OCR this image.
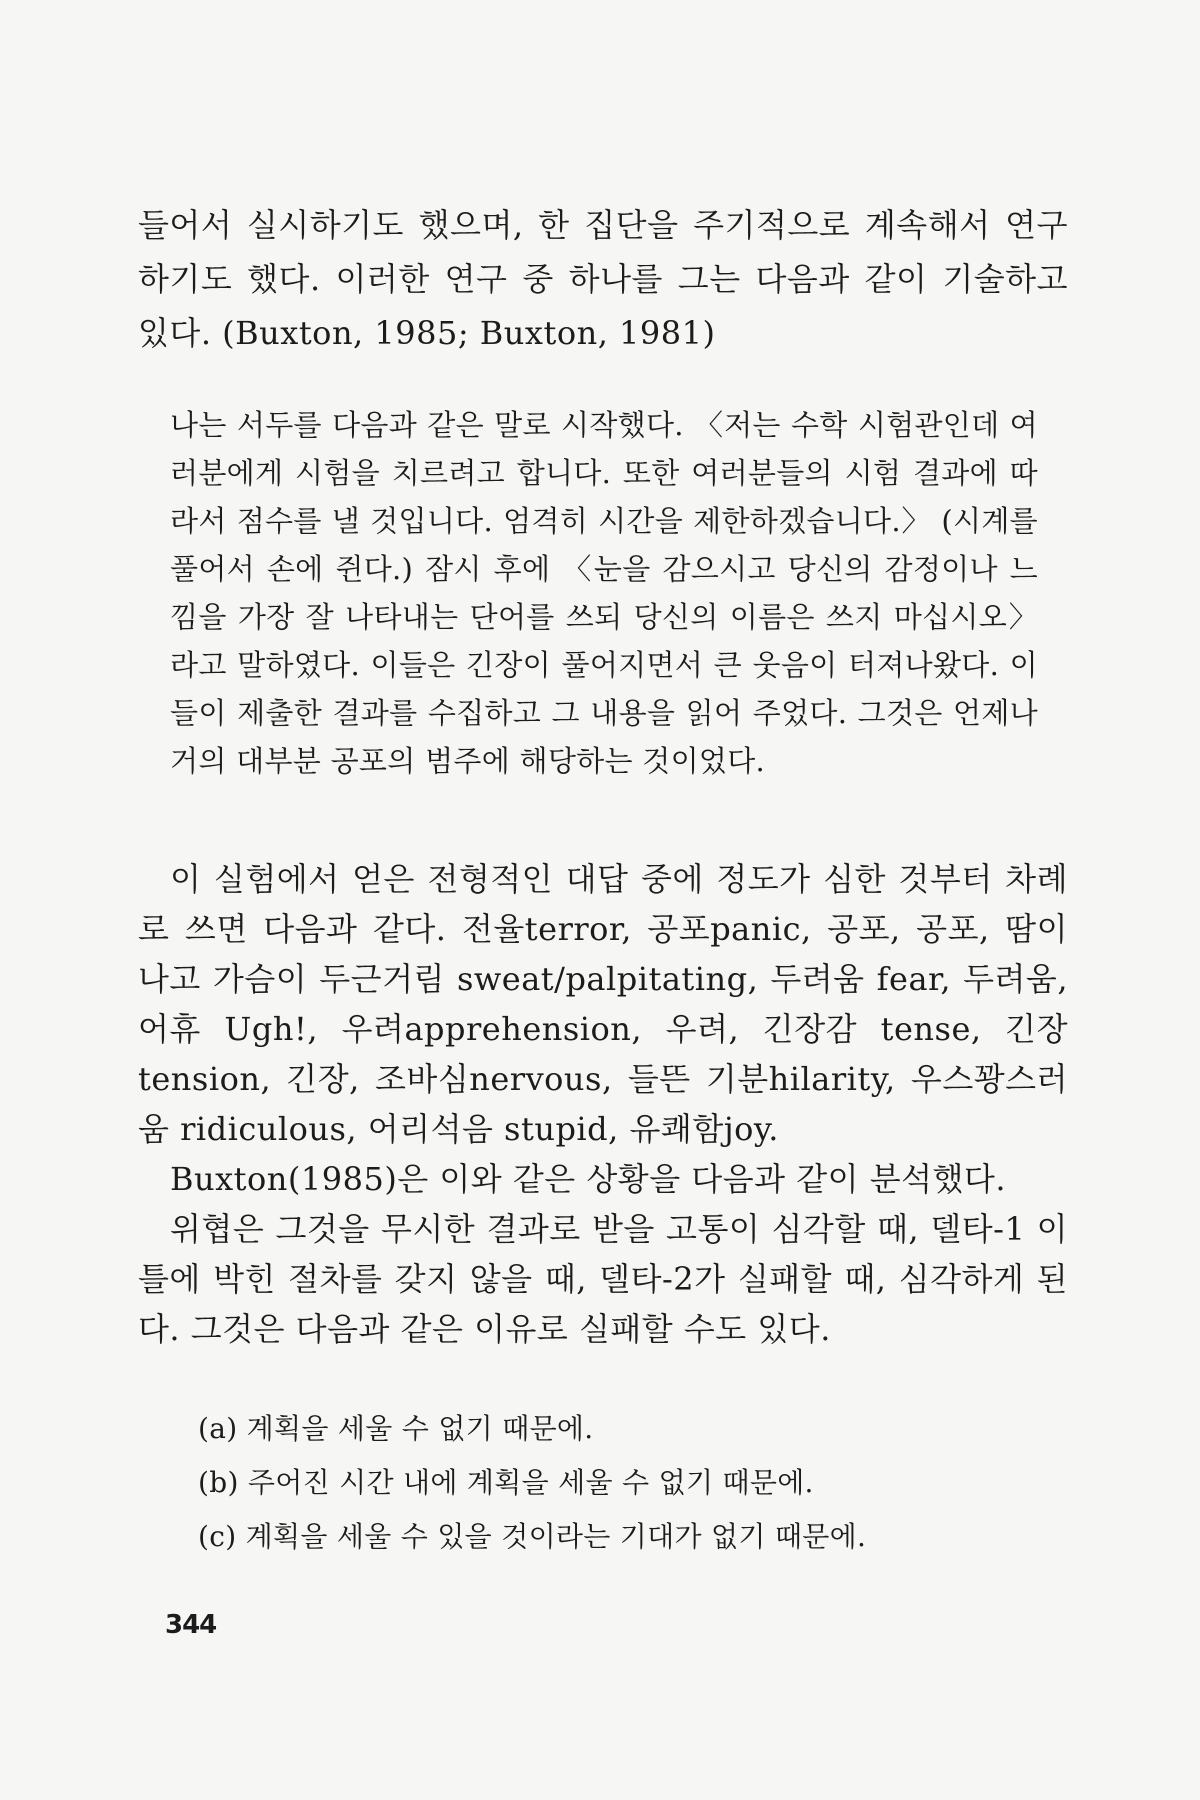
들어서 실시하기도 했으며, 한 집단을 주기적으로 계속해서 연구하기도 했다. 이러한 연구 중 하나를 그는 다음과 같이 기술하고 있다. (Buxton, 1985; Buxton, 1981)

나는 서두를 다음과 같은 말로 시작했다. 〈저는 수학 시험관인데 여러분에게 시험을 치르려고 합니다. 또한 여러분들의 시험 결과에 따라서 점수를 낼 것입니다. 엄격히 시간을 제한하겠습니다.〉 (시계를 풀어서 손에 쥔다.) 잠시 후에 〈눈을 감으시고 당신의 감정이나 느낌을 가장 잘 나타내는 단어를 쓰되 당신의 이름은 쓰지 마십시오〉라고 말하였다. 이들은 긴장이 풀어지면서 큰 웃음이 터져나왔다. 이들이 제출한 결과를 수집하고 그 내용을 읽어 주었다. 그것은 언제나 거의 대부분 공포의 범주에 해당하는 것이었다.

이 실험에서 얻은 전형적인 대답 중에 정도가 심한 것부터 차례로 쓰면 다음과 같다. 전율terror, 공포panic, 공포, 공포, 땀이 나고 가슴이 두근거림 sweat/palpitating, 두려움 fear, 두려움, 어휴 Ugh!, 우려apprehension, 우려, 긴장감 tense, 긴장 tension, 긴장, 조바심nervous, 들뜬 기분hilarity, 우스꽝스러움 ridiculous, 어리석음 stupid, 유쾌함joy.
Buxton(1985)은 이와 같은 상황을 다음과 같이 분석했다.
위협은 그것을 무시한 결과로 받을 고통이 심각할 때, 델타-1 이 틀에 박힌 절차를 갖지 않을 때, 델타-2가 실패할 때, 심각하게 된다. 그것은 다음과 같은 이유로 실패할 수도 있다.
(a) 계획을 세울 수 없기 때문에.
(b) 주어진 시간 내에 계획을 세울 수 없기 때문에.
(c) 계획을 세울 수 있을 것이라는 기대가 없기 때문에.
344
